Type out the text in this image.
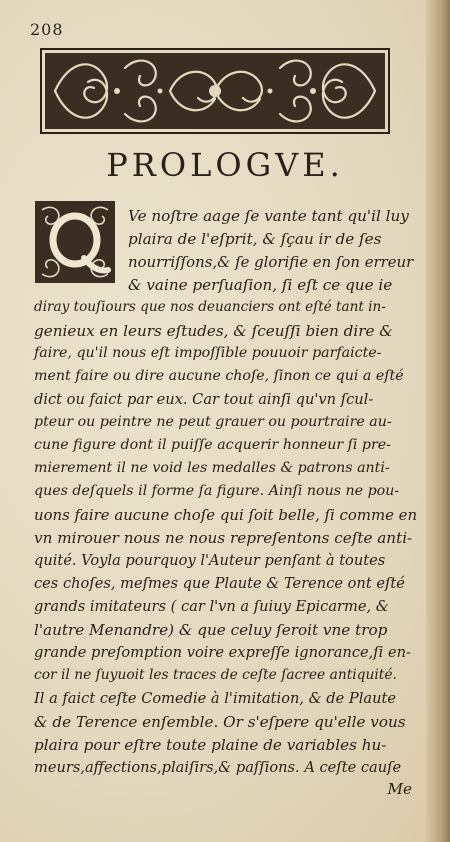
208
PROLOGVE.
Ve noſtre aage ſe vante tant qu'il luy
plaira de l'eſprit, & ſçau ir de ſes
nourriſſons,& ſe glorifie en ſon erreur
& vaine perſuaſion, ſi eſt ce que ie
diray touſiours que nos deuanciers ont eſté tant in-
genieux en leurs eſtudes, & ſceuſſi bien dire &
faire, qu'il nous eſt impoſſible pouuoir parfaicte-
ment faire ou dire aucune choſe, ſinon ce qui a eſté
dict ou faict par eux. Car tout ainſi qu'vn ſcul-
pteur ou peintre ne peut grauer ou pourtraire au-
cune figure dont il puiſſe acquerir honneur ſi pre-
mierement il ne void les medalles & patrons anti-
ques deſquels il forme ſa figure. Ainſi nous ne pou-
uons faire aucune choſe qui ſoit belle, ſi comme en
vn mirouer nous ne nous repreſentons ceſte anti-
quité. Voyla pourquoy l'Auteur penſant à toutes
ces choſes, meſmes que Plaute & Terence ont eſté
grands imitateurs ( car l'vn a ſuiuy Epicarme, &
l'autre Menandre) & que celuy ſeroit vne trop
grande preſomption voire expreſſe ignorance,ſi en-
cor il ne ſuyuoit les traces de ceſte ſacree antiquité.
Il a faict ceſte Comedie à l'imitation, & de Plaute
& de Terence enſemble. Or s'eſpere qu'elle vous
plaira pour eſtre toute plaine de variables hu-
meurs,affections,plaiſirs,& paſſions. A ceſte cauſe
Me
